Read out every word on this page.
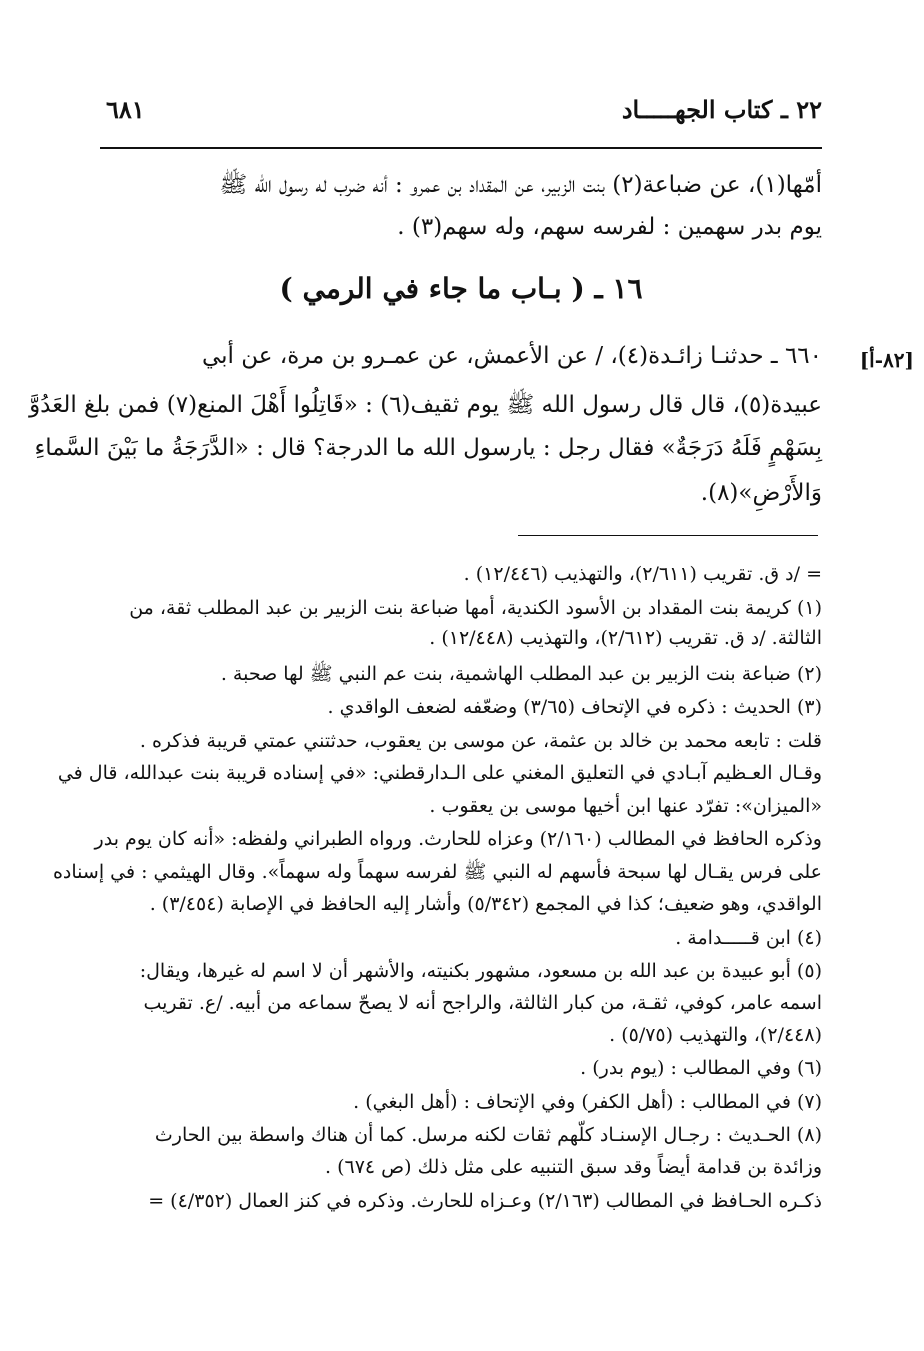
٢٢ ـ كتاب الجهـــــاد
٦٨١
أمّها(١)، عن ضباعة(٢) بنت الزبير، عن المقداد بن عمرو : أنه ضرب له رسول الله ﷺ
يوم بدر سهمين : لفرسه سهم، وله سهم(٣) .
١٦ ـ ( بـاب ما جاء في الرمي )
[٨٢-أ]
٦٦٠ ـ حدثنـا زائـدة(٤)، / عن الأعمش، عن عمـرو بن مرة، عن أبي
عبيدة(٥)، قال قال رسول الله ﷺ يوم ثقيف(٦) : «قَاتِلُوا أَهْلَ المنع(٧) فمن بلغ العَدُوَّ
بِسَهْمٍ فَلَهُ دَرَجَةٌ» فقال رجل : يارسول الله ما الدرجة؟ قال : «الدَّرَجَةُ ما بَيْنَ السَّماءِ
وَالأَرْضِ»(٨).
= /د ق. تقريب (٢/٦١١)، والتهذيب (١٢/٤٤٦) .
(١) كريمة بنت المقداد بن الأسود الكندية، أمها ضباعة بنت الزبير بن عبد المطلب ثقة، من
الثالثة. /د ق. تقريب (٢/٦١٢)، والتهذيب (١٢/٤٤٨) .
(٢) ضباعة بنت الزبير بن عبد المطلب الهاشمية، بنت عم النبي ﷺ لها صحبة .
(٣) الحديث : ذكره في الإتحاف (٣/٦٥) وضعّفه لضعف الواقدي .
قلت : تابعه محمد بن خالد بن عثمة، عن موسى بن يعقوب، حدثتني عمتي قريبة فذكره .
وقـال العـظيم آبـادي في التعليق المغني على الـدارقطني: «في إسناده قريبة بنت عبدالله، قال في
«الميزان»: تفرّد عنها ابن أخيها موسى بن يعقوب .
وذكره الحافظ في المطالب (٢/١٦٠) وعزاه للحارث. ورواه الطبراني ولفظه: «أنه كان يوم بدر
على فرس يقـال لها سبحة فأسهم له النبي ﷺ لفرسه سهماً وله سهماً». وقال الهيثمي : في إسناده
الواقدي، وهو ضعيف؛ كذا في المجمع (٥/٣٤٢) وأشار إليه الحافظ في الإصابة (٣/٤٥٤) .
(٤) ابن قـــــدامة .
(٥) أبو عبيدة بن عبد الله بن مسعود، مشهور بكنيته، والأشهر أن لا اسم له غيرها، ويقال:
اسمه عامر، كوفي، ثقـة، من كبار الثالثة، والراجح أنه لا يصحّ سماعه من أبيه. /ع. تقريب
(٢/٤٤٨)، والتهذيب (٥/٧٥) .
(٦) وفي المطالب : (يوم بدر) .
(٧) في المطالب : (أهل الكفر) وفي الإتحاف : (أهل البغي) .
(٨) الحـديث : رجـال الإسنـاد كلّهم ثقات لكنه مرسل. كما أن هناك واسطة بين الحارث
وزائدة بن قدامة أيضاً وقد سبق التنبيه على مثل ذلك (ص ٦٧٤) .
ذكـره الحـافظ في المطالب (٢/١٦٣) وعـزاه للحارث. وذكره في كنز العمال (٤/٣٥٢) =
